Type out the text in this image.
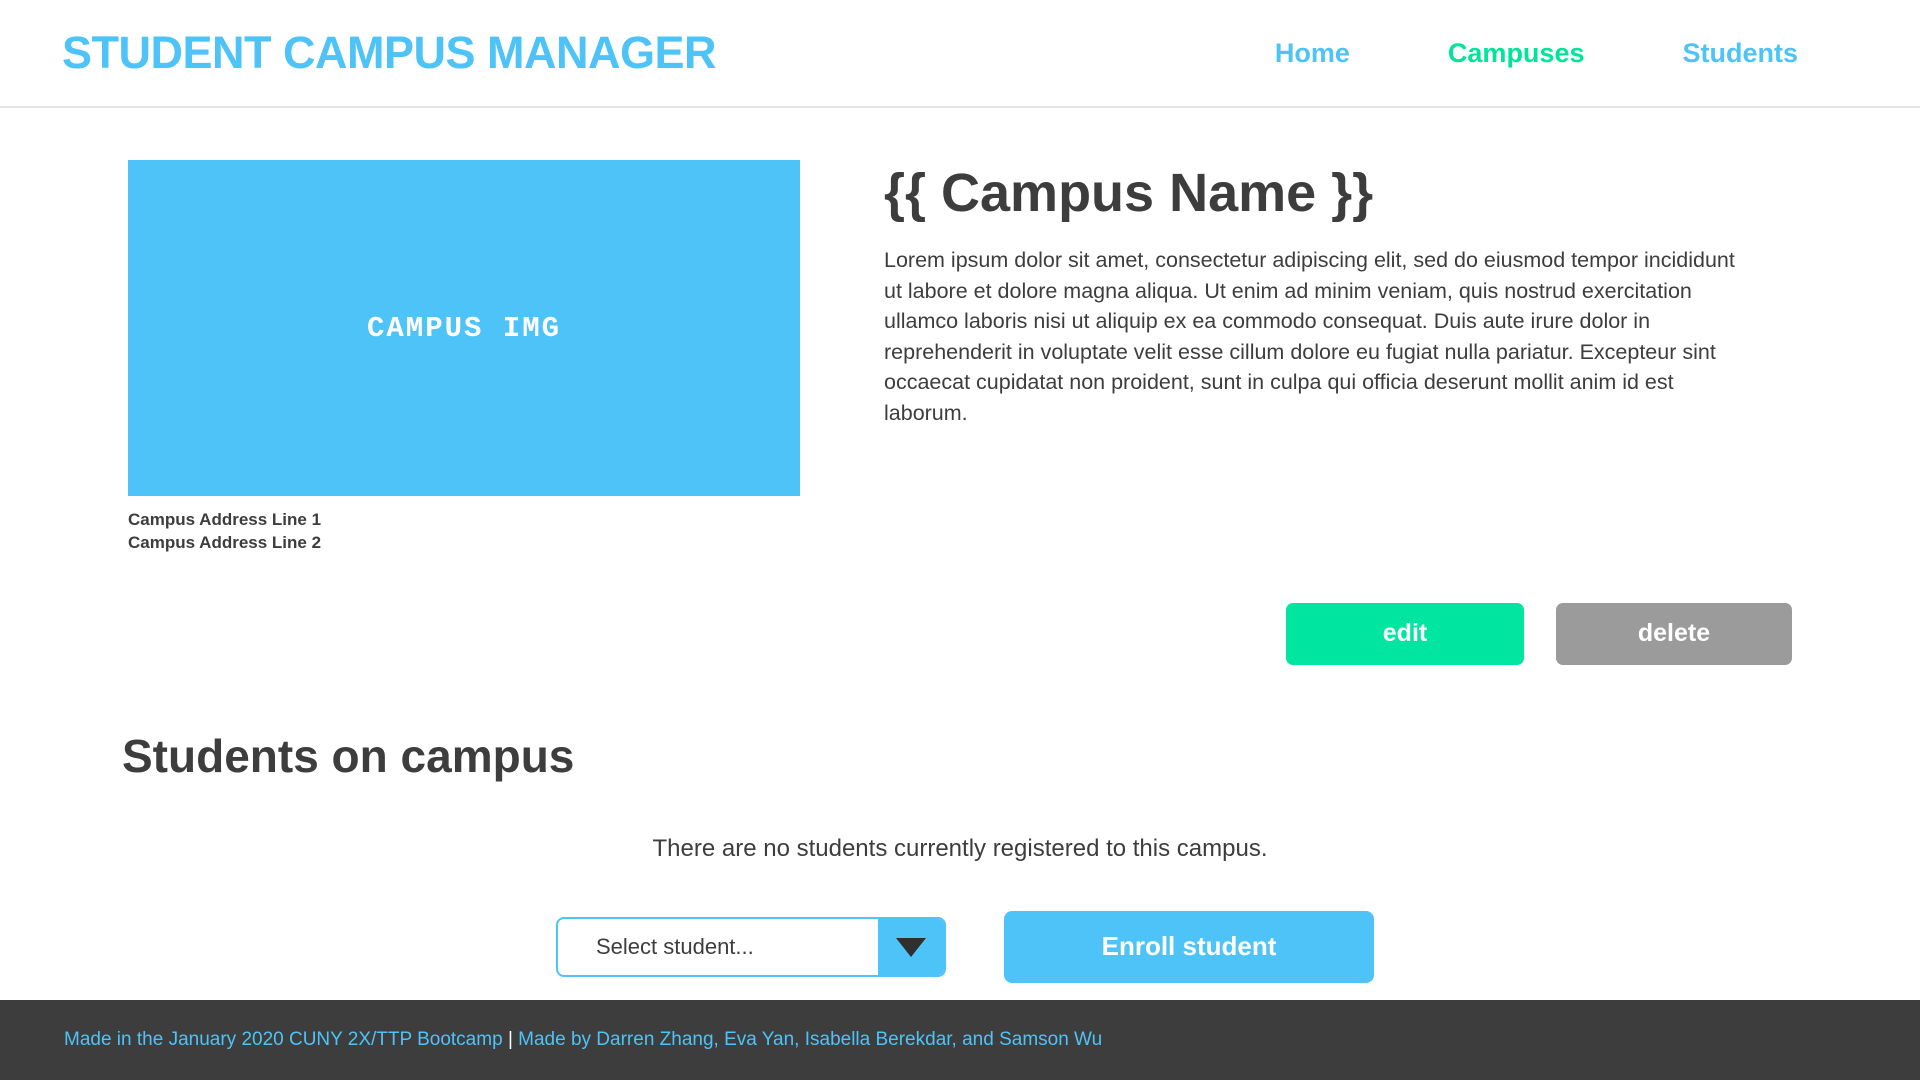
STUDENT CAMPUS MANAGER	Home	Campuses	Students
CAMPUS IMG
Campus Address Line 1
Campus Address Line 2
{{ Campus Name }}

Lorem ipsum dolor sit amet, consectetur adipiscing elit, sed do eiusmod tempor incididunt ut labore et dolore magna aliqua. Ut enim ad minim veniam, quis nostrud exercitation ullamco laboris nisi ut aliquip ex ea commodo consequat. Duis aute irure dolor in reprehenderit in voluptate velit esse cillum dolore eu fugiat nulla pariatur. Excepteur sint occaecat cupidatat non proident, sunt in culpa qui officia deserunt mollit anim id est laborum.

edit	delete
Students on campus
There are no students currently registered to this campus.
Select student...	Enroll student
Made in the January 2020 CUNY 2X/TTP Bootcamp | Made by Darren Zhang, Eva Yan, Isabella Berekdar, and Samson Wu
